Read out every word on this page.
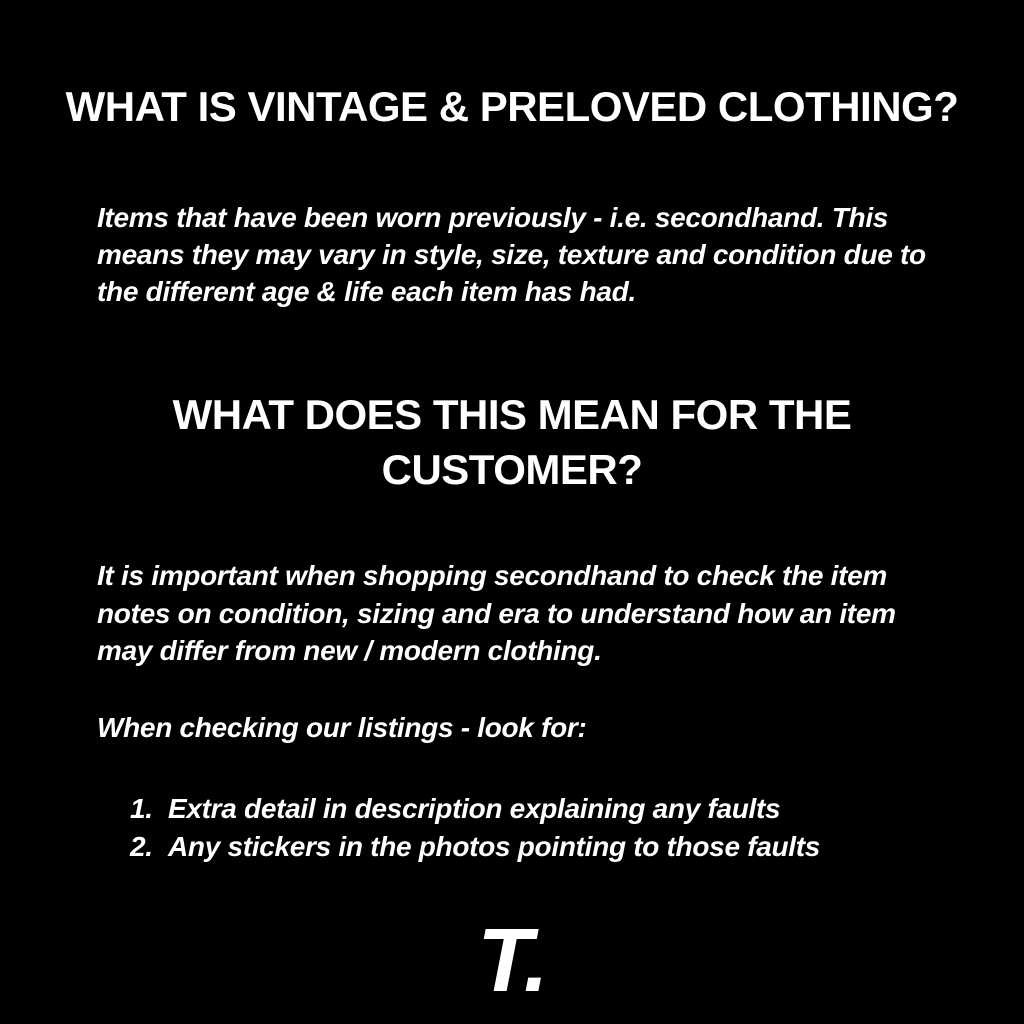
WHAT IS VINTAGE & PRELOVED CLOTHING?

Items that have been worn previously - i.e. secondhand. This means they may vary in style, size, texture and condition due to the different age & life each item has had.

WHAT DOES THIS MEAN FOR THE CUSTOMER?

It is important when shopping secondhand to check the item notes on condition, sizing and era to understand how an item may differ from new / modern clothing.

When checking our listings - look for:

1. Extra detail in description explaining any faults
2. Any stickers in the photos pointing to those faults
T.
